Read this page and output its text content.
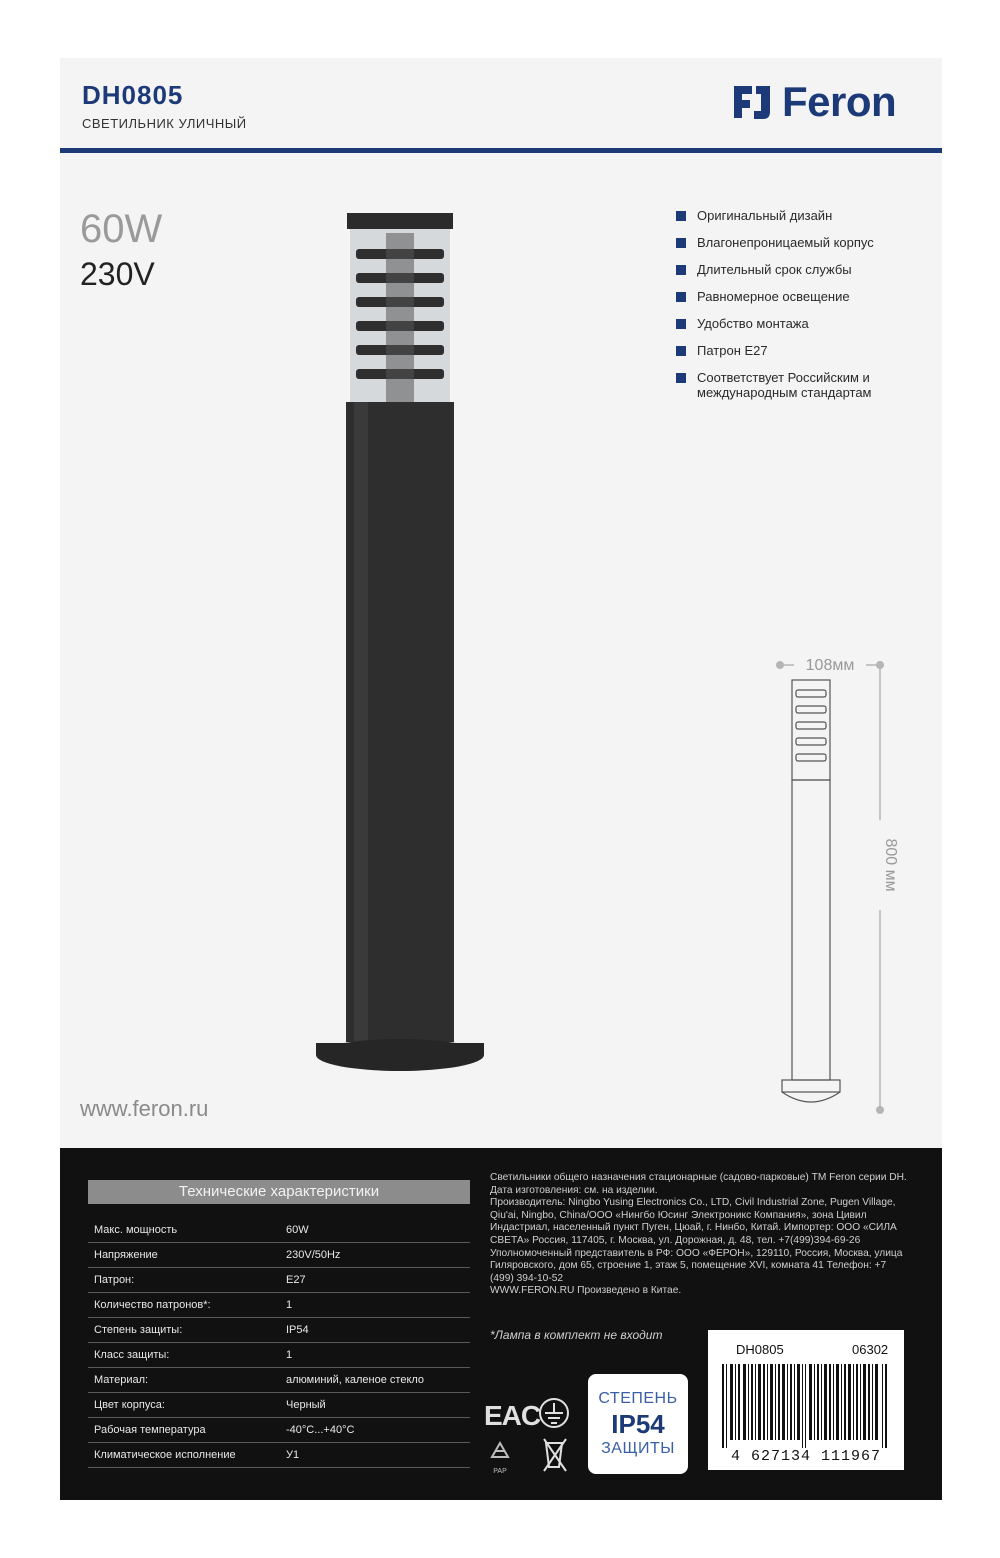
DH0805
СВЕТИЛЬНИК УЛИЧНЫЙ	Feron
60W
230V
Оригинальный дизайн
Влагонепроницаемый корпус
Длительный срок службы
Равномерное освещение
Удобство монтажа
Патрон Е27
Соответствует Российским и международным стандартам
108мм
800 мм
www.feron.ru
Технические характеристики
Макс. мощность	60W
Напряжение	230V/50Hz
Патрон:	E27
Количество патронов*:	1
Степень защиты:	IP54
Класс защиты:	1
Материал:	алюминий, каленое стекло
Цвет корпуса:	Черный
Рабочая температура	-40°C...+40°C
Климатическое исполнение	У1

Светильники общего назначения стационарные (садово-парковые) ТМ Feron серии DH.

Дата изготовления: см. на изделии.

Производитель: Ningbo Yusing Electronics Co., LTD, Civil Industrial Zone, Pugen Village, Qiu'ai, Ningbo, China/ООО «Нингбо Юсинг Электроникс Компания», зона Цивил Индастриал, населенный пункт Пуген, Цюай, г. Нинбо, Китай. Импортер: ООО «СИЛА СВЕТА» Россия, 117405, г. Москва, ул. Дорожная, д. 48, тел. +7(499)394-69-26

Уполномоченный представитель в РФ: ООО «ФЕРОН», 129110, Россия, Москва, улица Гиляровского, дом 65, строение 1, этаж 5, помещение XVI, комната 41 Телефон: +7 (499) 394-10-52

WWW.FERON.RU Произведено в Китае.

*Лампа в комплект не входит
EAC
PAP
СТЕПЕНЬ
IP54
ЗАЩИТЫ
DH0805	06302
4 627134 111967
